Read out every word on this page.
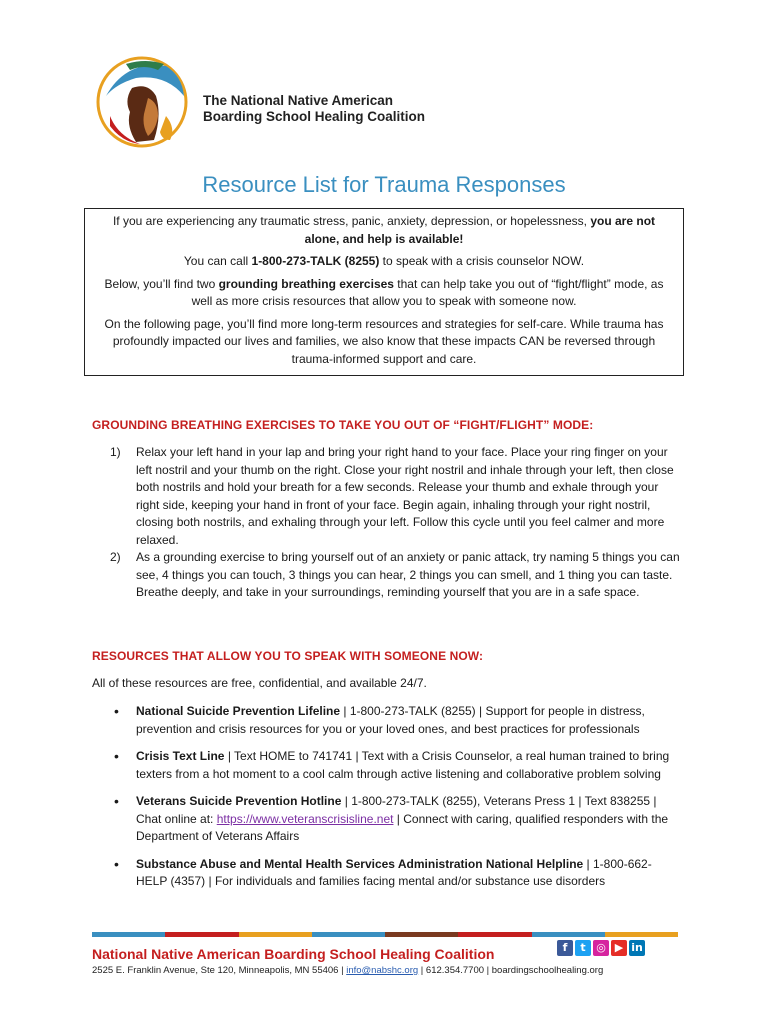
The National Native American
Boarding School Healing Coalition
Resource List for Trauma Responses

If you are experiencing any traumatic stress, panic, anxiety, depression, or hopelessness, you are not alone, and help is available!

You can call 1-800-273-TALK (8255) to speak with a crisis counselor NOW.

Below, you’ll find two grounding breathing exercises that can help take you out of “fight/flight” mode, as well as more crisis resources that allow you to speak with someone now.

On the following page, you’ll find more long-term resources and strategies for self-care. While trauma has profoundly impacted our lives and families, we also know that these impacts CAN be reversed through trauma-informed support and care.

GROUNDING BREATHING EXERCISES TO TAKE YOU OUT OF “FIGHT/FLIGHT” MODE:
1)	Relax your left hand in your lap and bring your right hand to your face. Place your ring finger on your left nostril and your thumb on the right. Close your right nostril and inhale through your left, then close both nostrils and hold your breath for a few seconds. Release your thumb and exhale through your right side, keeping your hand in front of your face. Begin again, inhaling through your right nostril, closing both nostrils, and exhaling through your left. Follow this cycle until you feel calmer and more relaxed.
2)	As a grounding exercise to bring yourself out of an anxiety or panic attack, try naming 5 things you can see, 4 things you can touch, 3 things you can hear, 2 things you can smell, and 1 thing you can taste. Breathe deeply, and take in your surroundings, reminding yourself that you are in a safe space.
RESOURCES THAT ALLOW YOU TO SPEAK WITH SOMEONE NOW:
All of these resources are free, confidential, and available 24/7.
•	National Suicide Prevention Lifeline | 1-800-273-TALK (8255) | Support for people in distress, prevention and crisis resources for you or your loved ones, and best practices for professionals
•	Crisis Text Line | Text HOME to 741741 | Text with a Crisis Counselor, a real human trained to bring texters from a hot moment to a cool calm through active listening and collaborative problem solving
•	Veterans Suicide Prevention Hotline | 1-800-273-TALK (8255), Veterans Press 1 | Text 838255 | Chat online at: https://www.veteranscrisisline.net | Connect with caring, qualified responders with the Department of Veterans Affairs
•	Substance Abuse and Mental Health Services Administration National Helpline | 1-800-662-HELP (4357) | For individuals and families facing mental and/or substance use disorders
National Native American Boarding School Healing Coalition	f	t ◎ ▶ in
2525 E. Franklin Avenue, Ste 120, Minneapolis, MN 55406 | info@nabshc.org | 612.354.7700 | boardingschoolhealing.org
